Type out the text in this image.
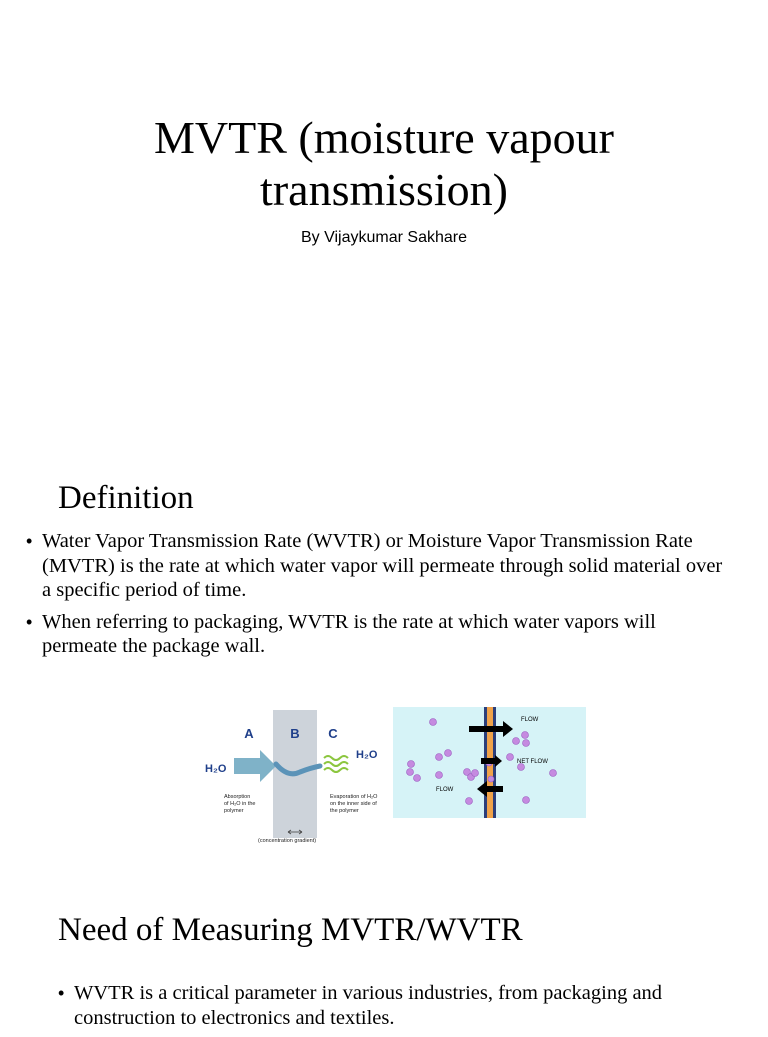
MVTR (moisture vapour
transmission)
By Vijaykumar Sakhare
Definition
• Water Vapor Transmission Rate (WVTR) or Moisture Vapor Transmission Rate (MVTR) is the rate at which water vapor will permeate through solid material over a specific period of time.
• When referring to packaging, WVTR is the rate at which water vapors will permeate the package wall.
A	B C
H₂O
H₂O
Absorption
of H₂O in the
polymer
Evaporation of H₂O
on the inner side of
the polymer
(concentration gradient)
FLOW
NET FLOW
FLOW
Need of Measuring MVTR/WVTR
• WVTR is a critical parameter in various industries, from packaging and construction to electronics and textiles.
